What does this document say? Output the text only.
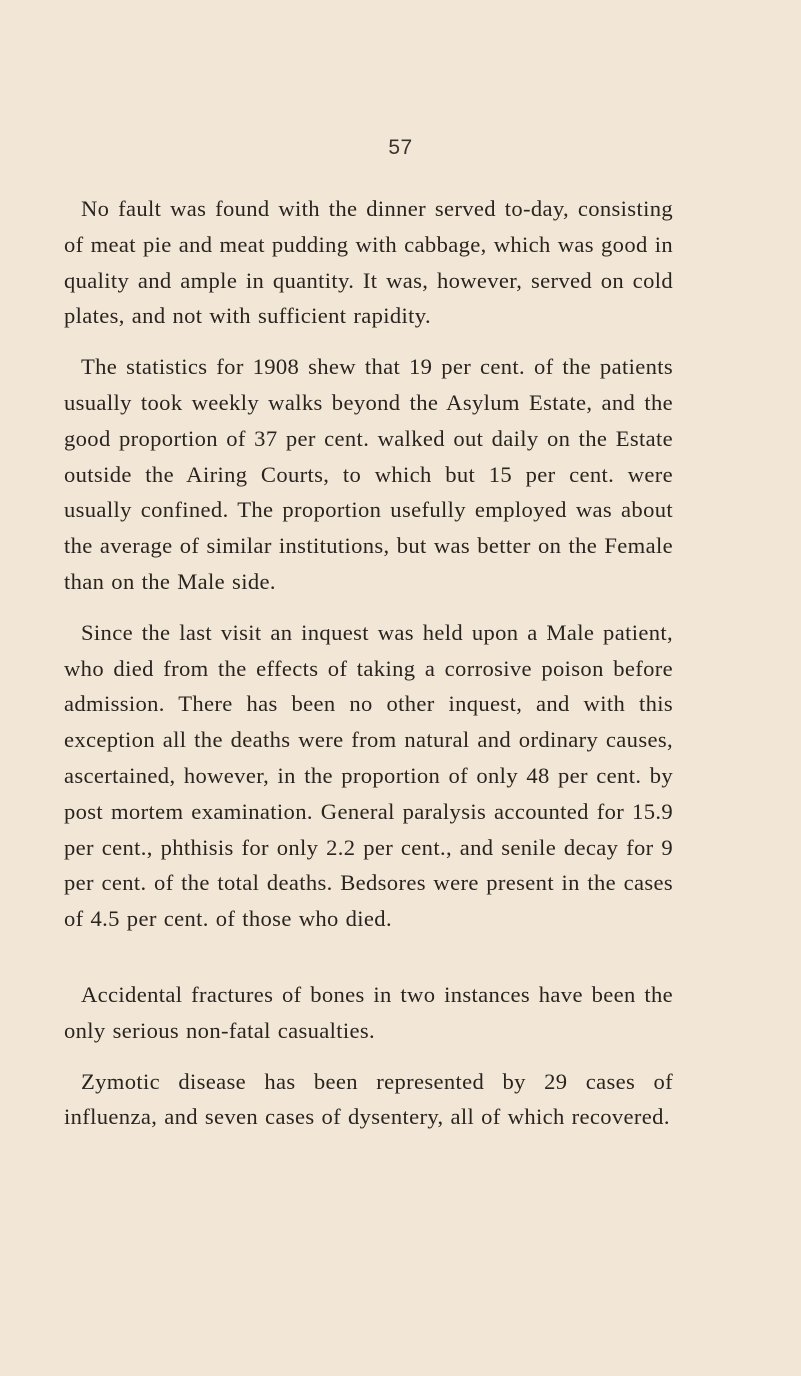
57

No fault was found with the dinner served to-day, consisting of meat pie and meat pudding with cabbage, which was good in quality and ample in quantity. It was, however, served on cold plates, and not with sufficient rapidity.

The statistics for 1908 shew that 19 per cent. of the patients usually took weekly walks beyond the Asylum Estate, and the good proportion of 37 per cent. walked out daily on the Estate outside the Airing Courts, to which but 15 per cent. were usually confined. The proportion usefully employed was about the average of similar institutions, but was better on the Female than on the Male side.

Since the last visit an inquest was held upon a Male patient, who died from the effects of taking a corrosive poison before admission. There has been no other inquest, and with this exception all the deaths were from natural and ordinary causes, ascertained, however, in the proportion of only 48 per cent. by post mortem examination. General paralysis accounted for 15.9 per cent., phthisis for only 2.2 per cent., and senile decay for 9 per cent. of the total deaths. Bedsores were present in the cases of 4.5 per cent. of those who died.

Accidental fractures of bones in two instances have been the only serious non-fatal casualties.

Zymotic disease has been represented by 29 cases of influenza, and seven cases of dysentery, all of which recovered.
